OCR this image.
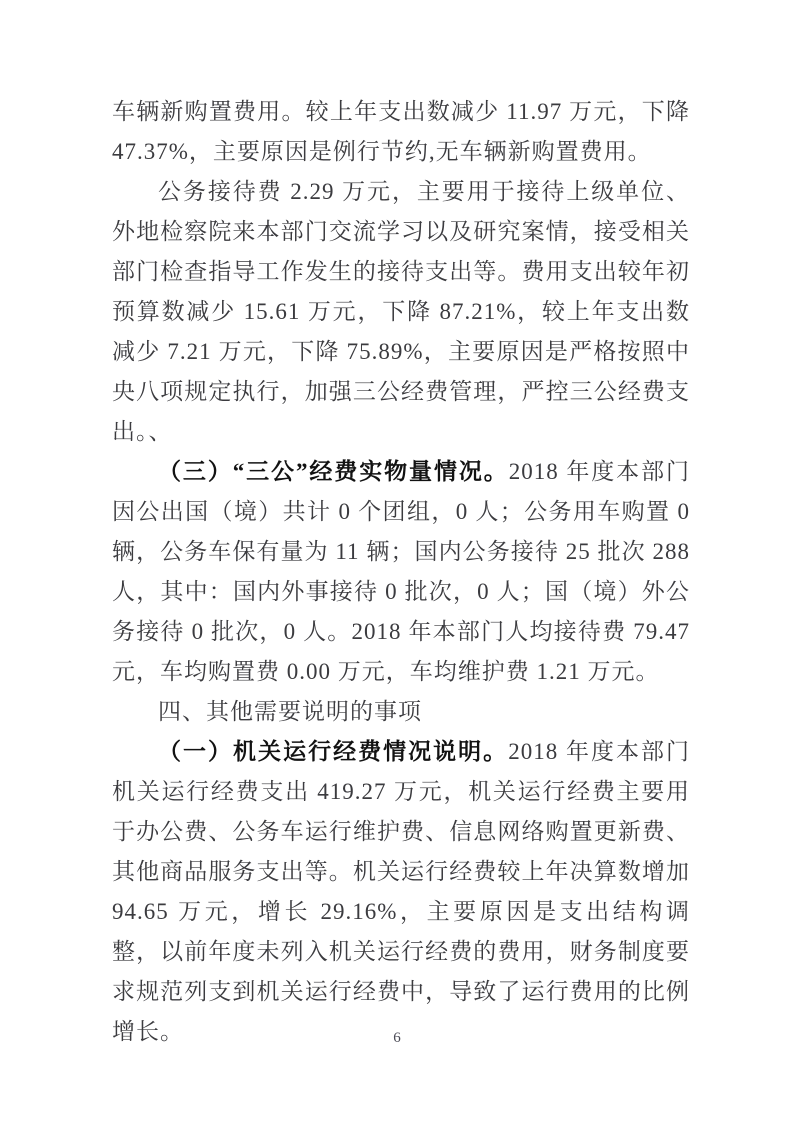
车辆新购置费用。较上年支出数减少 11.97 万元，下降 47.37%，主要原因是例行节约,无车辆新购置费用。

公务接待费 2.29 万元，主要用于接待上级单位、外地检察院来本部门交流学习以及研究案情，接受相关部门检查指导工作发生的接待支出等。费用支出较年初预算数减少 15.61 万元，下降 87.21%，较上年支出数减少 7.21 万元，下降 75.89%，主要原因是严格按照中央八项规定执行，加强三公经费管理，严控三公经费支出。、

（三）“三公”经费实物量情况。2018 年度本部门因公出国（境）共计 0 个团组，0 人；公务用车购置 0 辆，公务车保有量为 11 辆；国内公务接待 25 批次 288 人，其中：国内外事接待 0 批次，0 人；国（境）外公务接待 0 批次，0 人。2018 年本部门人均接待费 79.47 元，车均购置费 0.00 万元，车均维护费 1.21 万元。

四、其他需要说明的事项

（一）机关运行经费情况说明。2018 年度本部门机关运行经费支出 419.27 万元，机关运行经费主要用于办公费、公务车运行维护费、信息网络购置更新费、其他商品服务支出等。机关运行经费较上年决算数增加 94.65 万元，增长 29.16%，主要原因是支出结构调整，以前年度未列入机关运行经费的费用，财务制度要求规范列支到机关运行经费中，导致了运行费用的比例增长。	6
